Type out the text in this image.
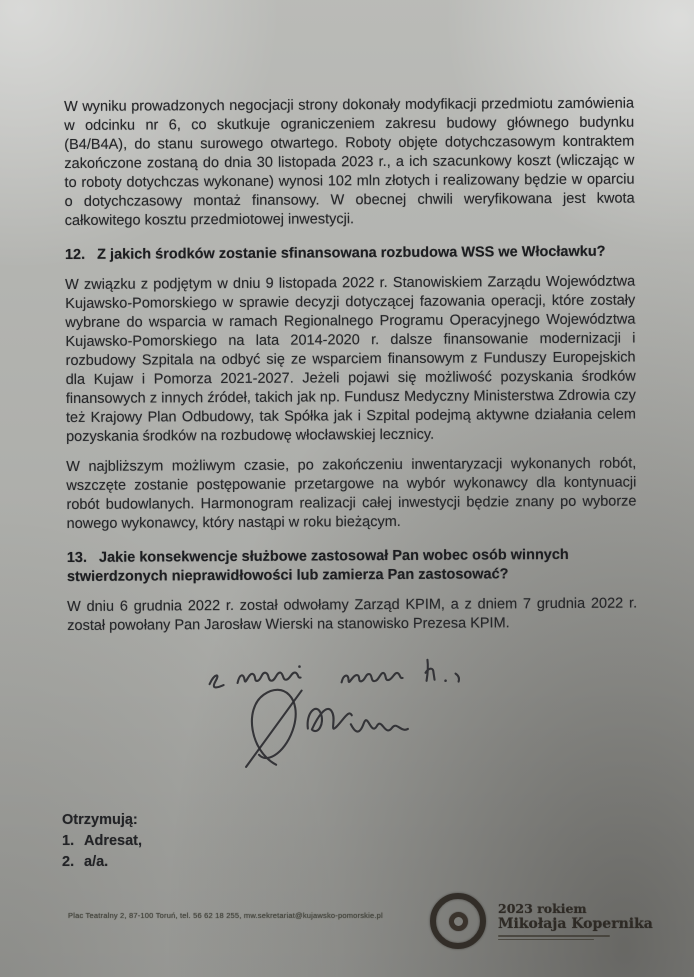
W wyniku prowadzonych negocjacji strony dokonały modyfikacji przedmiotu zamówienia w odcinku nr 6, co skutkuje ograniczeniem zakresu budowy głównego budynku (B4/B4A), do stanu surowego otwartego. Roboty objęte dotychczasowym kontraktem zakończone zostaną do dnia 30 listopada 2023 r., a ich szacunkowy koszt (wliczając w to roboty dotychczas wykonane) wynosi 102 mln złotych i realizowany będzie w oparciu o dotychczasowy montaż finansowy. W obecnej chwili weryfikowana jest kwota całkowitego kosztu przedmiotowej inwestycji.

12. Z jakich środków zostanie sfinansowana rozbudowa WSS we Włocławku?

W związku z podjętym w dniu 9 listopada 2022 r. Stanowiskiem Zarządu Województwa Kujawsko-Pomorskiego w sprawie decyzji dotyczącej fazowania operacji, które zostały wybrane do wsparcia w ramach Regionalnego Programu Operacyjnego Województwa Kujawsko-Pomorskiego na lata 2014-2020 r. dalsze finansowanie modernizacji i rozbudowy Szpitala na odbyć się ze wsparciem finansowym z Funduszy Europejskich dla Kujaw i Pomorza 2021-2027. Jeżeli pojawi się możliwość pozyskania środków finansowych z innych źródeł, takich jak np. Fundusz Medyczny Ministerstwa Zdrowia czy też Krajowy Plan Odbudowy, tak Spółka jak i Szpital podejmą aktywne działania celem pozyskania środków na rozbudowę włocławskiej lecznicy.

W najbliższym możliwym czasie, po zakończeniu inwentaryzacji wykonanych robót, wszczęte zostanie postępowanie przetargowe na wybór wykonawcy dla kontynuacji robót budowlanych. Harmonogram realizacji całej inwestycji będzie znany po wyborze nowego wykonawcy, który nastąpi w roku bieżącym.

13. Jakie konsekwencje służbowe zastosował Pan wobec osób winnych stwierdzonych nieprawidłowości lub zamierza Pan zastosować?

W dniu 6 grudnia 2022 r. został odwołamy Zarząd KPIM, a z dniem 7 grudnia 2022 r. został powołany Pan Jarosław Wierski na stanowisko Prezesa KPIM.

Otrzymują:
1. Adresat,
2. a/a.
Plac Teatralny 2, 87-100 Toruń, tel. 56 62 18 255, mw.sekretariat@kujawsko-pomorskie.pl	2023 rokiem
Mikołaja Kopernika
